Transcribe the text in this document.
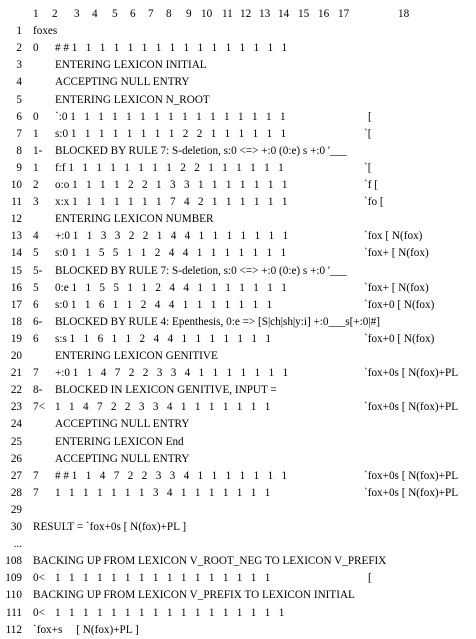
1 2 3 4 5 6 7 8 9 10 11 12 13 14 15 16 17	18
1 foxes
2 0 # # 1   1   1   1   1   1   1   1   1   1   1   1   1   1   1   1
3	ENTERING LEXICON INITIAL
4	ACCEPTING NULL ENTRY
5	ENTERING LEXICON N_ROOT
6 0 `:0 1   1   1   1   1   1   1   1   1   1   1   1   1   1   1   1	[
7 1 s:0 1   1   1   1   1   1   1   1   2   2   1   1   1   1   1   1	`[
8 1- BLOCKED BY RULE 7: S-deletion, s:0 <=> +:0 (0:e) s +:0 '___
9 1 f:f 1   1   1   1   1   1   1   1   2   2   1   1   1   1   1   1	`[
10 2 o:o 1   1   1   1   2   2   1   3   3   1   1   1   1   1   1   1	`f [
11 3 x:x 1   1   1   1   1   1   1   7   4   2   1   1   1   1   1   1	`fo [
12	ENTERING LEXICON NUMBER
13 4 +:0 1   1   3   3   2   2   1   4   4   1   1   1   1   1   1   1	`fox [ N(fox)
14 5 s:0 1   1   5   5   1   1   2   4   4   1   1   1   1   1   1   1	`fox+ [ N(fox)
15 5- BLOCKED BY RULE 7: S-deletion, s:0 <=> +:0 (0:e) s +:0 '___
16 5 0:e 1   1   5   5   1   1   2   4   4   1   1   1   1   1   1   1	`fox+ [ N(fox)
17 6 s:0 1   1   6   1   1   2   4   4   1   1   1   1   1   1   1	`fox+0 [ N(fox)
18 6- BLOCKED BY RULE 4: Epenthesis, 0:e => [S|ch|sh|y:i] +:0___s[+:0|#]
19 6 s:s 1   1   6   1   1   2   4   4   1   1   1   1   1   1   1	`fox+0 [ N(fox)
20	ENTERING LEXICON GENITIVE
21 7 +:0 1   1   4   7   2   2   3   3   4   1   1   1   1   1   1   1	`fox+0s [ N(fox)+PL
22 8- BLOCKED IN LEXICON GENITIVE, INPUT =
23 7< 1   1   4   7   2   2   3   3   4   1   1   1   1   1   1   1	`fox+0s [ N(fox)+PL
24	ACCEPTING NULL ENTRY
25	ENTERING LEXICON End
26	ACCEPTING NULL ENTRY
27 7 # # 1   1   4   7   2   2   3   3   4   1   1   1   1   1   1   1	`fox+0s [ N(fox)+PL
28 7 1   1   1   1   1   1   1   3   4   1   1   1   1   1   1   1	`fox+0s [ N(fox)+PL
29
30 RESULT = `fox+0s [ N(fox)+PL ]
...
108 BACKING UP FROM LEXICON V_ROOT_NEG TO LEXICON V_PREFIX
109 0< 1   1   1   1   1   1   1   1   1   1   1   1   1   1   1   1	[
110 BACKING UP FROM LEXICON V_PREFIX TO LEXICON INITIAL
111 0< 1   1   1   1   1   1   1   1   1   1   1   1   1   1   1   1   1
112 `fox+s     [ N(fox)+PL ]
